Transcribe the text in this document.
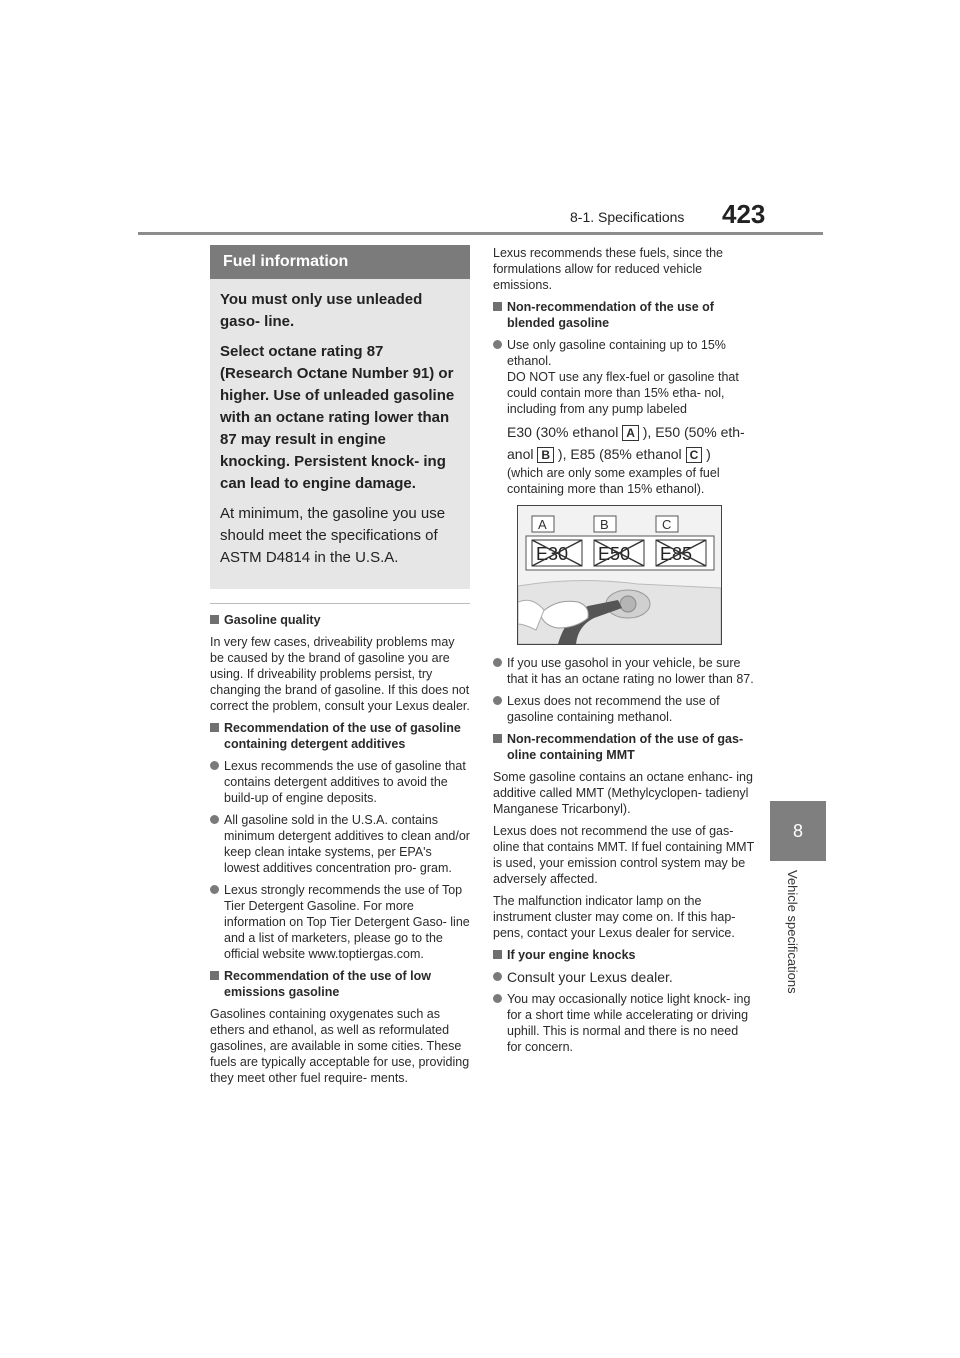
8-1. Specifications 423
8
Vehicle specifications
Fuel information

You must only use unleaded gaso- line.

Select octane rating 87 (Research Octane Number 91) or higher. Use of unleaded gasoline with an octane rating lower than 87 may result in engine knocking. Persistent knock- ing can lead to engine damage.

At minimum, the gasoline you use should meet the specifications of ASTM D4814 in the U.S.A.

Gasoline quality

In very few cases, driveability problems may be caused by the brand of gasoline you are using. If driveability problems persist, try changing the brand of gasoline. If this does not correct the problem, consult your Lexus dealer.

Recommendation of the use of gasoline containing detergent additives
Lexus recommends the use of gasoline that contains detergent additives to avoid the build-up of engine deposits.
All gasoline sold in the U.S.A. contains minimum detergent additives to clean and/or keep clean intake systems, per EPA's lowest additives concentration pro- gram.
Lexus strongly recommends the use of Top Tier Detergent Gasoline. For more information on Top Tier Detergent Gaso- line and a list of marketers, please go to the official website www.toptiergas.com.
Recommendation of the use of low emissions gasoline

Gasolines containing oxygenates such as ethers and ethanol, as well as reformulated gasolines, are available in some cities. These fuels are typically acceptable for use, providing they meet other fuel require- ments.

Lexus recommends these fuels, since the formulations allow for reduced vehicle emissions.

Non-recommendation of the use of blended gasoline
Use only gasoline containing up to 15% ethanol.
DO NOT use any flex-fuel or gasoline that could contain more than 15% etha- nol, including from any pump labeled
E30 (30% ethanol A ), E50 (50% eth- anol B ), E85 (85% ethanol C )
(which are only some examples of fuel containing more than 15% ethanol).
A	B	C
E30 E50 E85
If you use gasohol in your vehicle, be sure that it has an octane rating no lower than 87.
Lexus does not recommend the use of gasoline containing methanol.
Non-recommendation of the use of gas- oline containing MMT

Some gasoline contains an octane enhanc- ing additive called MMT (Methylcyclopen- tadienyl Manganese Tricarbonyl).

Lexus does not recommend the use of gas- oline that contains MMT. If fuel containing MMT is used, your emission control system may be adversely affected.

The malfunction indicator lamp on the instrument cluster may come on. If this hap- pens, contact your Lexus dealer for service.

If your engine knocks
Consult your Lexus dealer.
You may occasionally notice light knock- ing for a short time while accelerating or driving uphill. This is normal and there is no need for concern.
